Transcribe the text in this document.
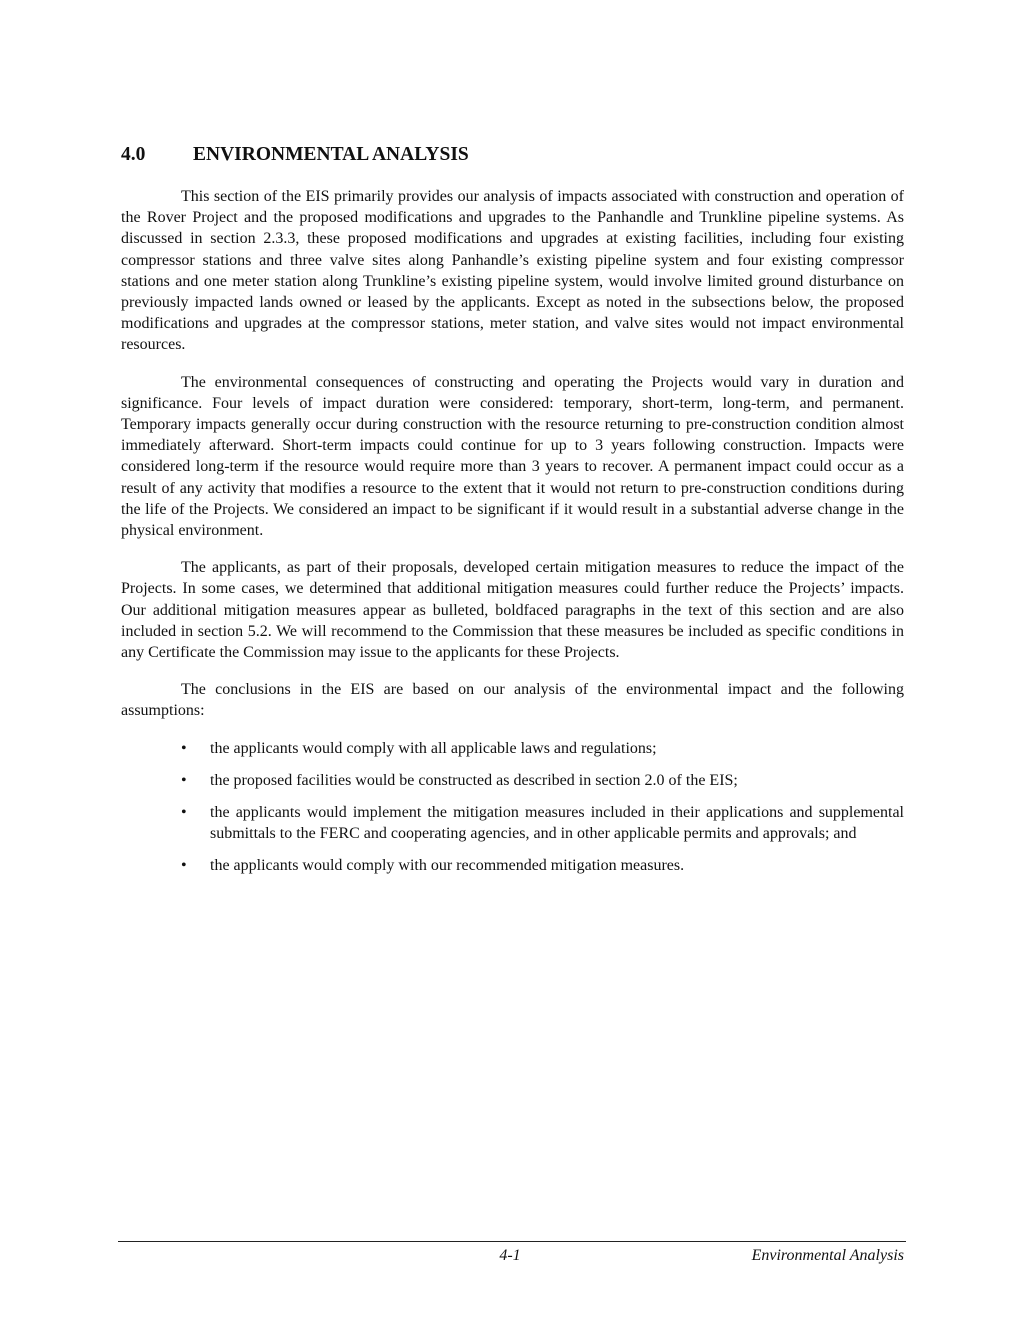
4.0 ENVIRONMENTAL ANALYSIS

This section of the EIS primarily provides our analysis of impacts associated with construction and operation of the Rover Project and the proposed modifications and upgrades to the Panhandle and Trunkline pipeline systems. As discussed in section 2.3.3, these proposed modifications and upgrades at existing facilities, including four existing compressor stations and three valve sites along Panhandle’s existing pipeline system and four existing compressor stations and one meter station along Trunkline’s existing pipeline system, would involve limited ground disturbance on previously impacted lands owned or leased by the applicants. Except as noted in the subsections below, the proposed modifications and upgrades at the compressor stations, meter station, and valve sites would not impact environmental resources.

The environmental consequences of constructing and operating the Projects would vary in duration and significance. Four levels of impact duration were considered: temporary, short-term, long-term, and permanent. Temporary impacts generally occur during construction with the resource returning to pre-construction condition almost immediately afterward. Short-term impacts could continue for up to 3 years following construction. Impacts were considered long-term if the resource would require more than 3 years to recover. A permanent impact could occur as a result of any activity that modifies a resource to the extent that it would not return to pre-construction conditions during the life of the Projects. We considered an impact to be significant if it would result in a substantial adverse change in the physical environment.

The applicants, as part of their proposals, developed certain mitigation measures to reduce the impact of the Projects. In some cases, we determined that additional mitigation measures could further reduce the Projects’ impacts. Our additional mitigation measures appear as bulleted, boldfaced paragraphs in the text of this section and are also included in section 5.2. We will recommend to the Commission that these measures be included as specific conditions in any Certificate the Commission may issue to the applicants for these Projects.

The conclusions in the EIS are based on our analysis of the environmental impact and the following assumptions:

• the applicants would comply with all applicable laws and regulations;
• the proposed facilities would be constructed as described in section 2.0 of the EIS;
• the applicants would implement the mitigation measures included in their applications and supplemental submittals to the FERC and cooperating agencies, and in other applicable permits and approvals; and
• the applicants would comply with our recommended mitigation measures.
4-1	Environmental Analysis
